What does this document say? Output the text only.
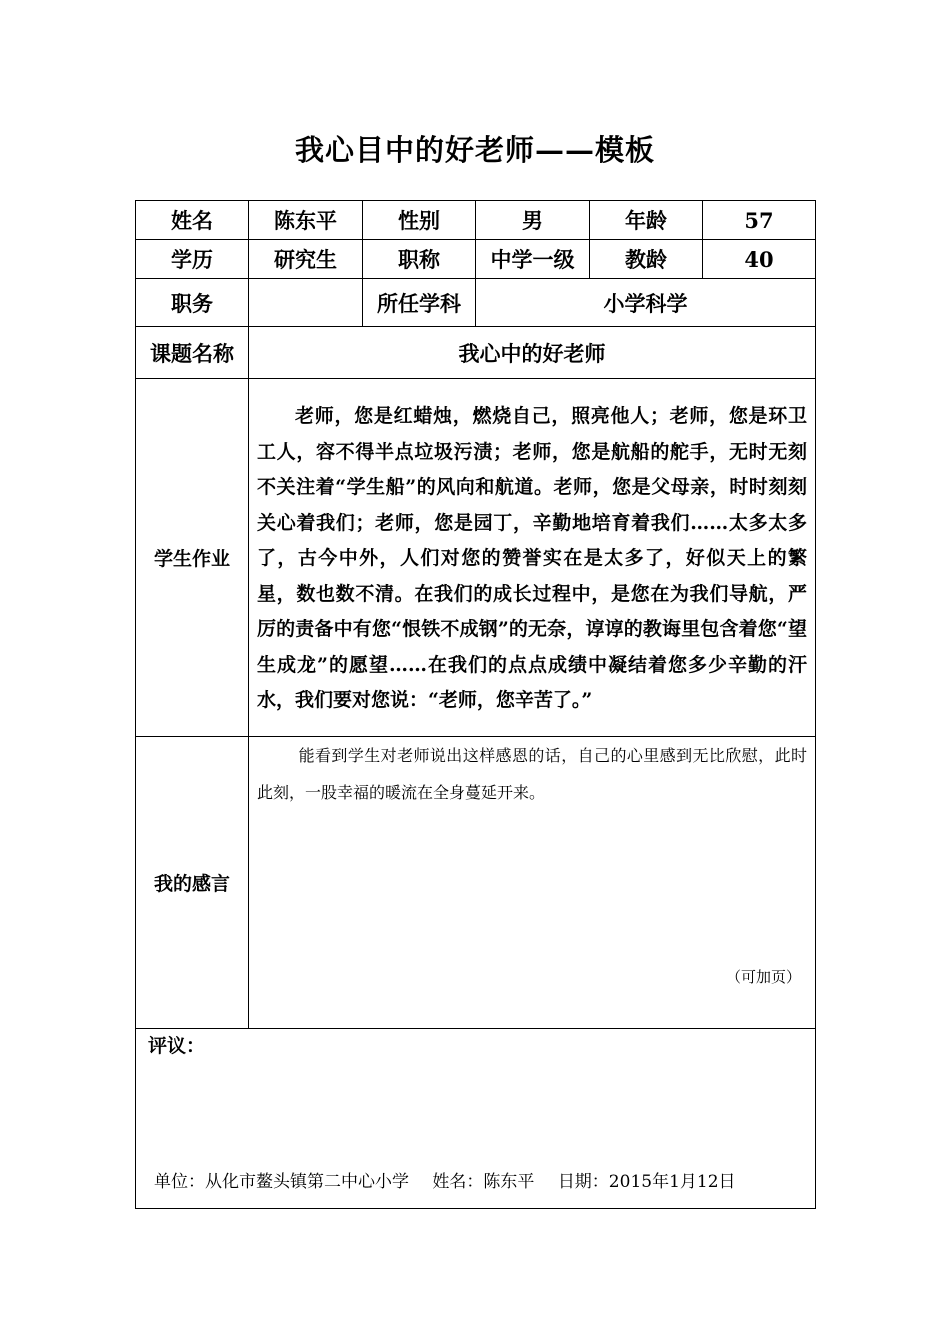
我心目中的好老师——模板
姓名	陈东平	性别	男	年龄	57
学历	研究生	职称	中学一级	教龄	40
职务		所任学科	小学科学		
课题名称	我心中的好老师				
学生作业	老师，您是红蜡烛，燃烧自己，照亮他人；老师，您是环卫工人，容不得半点垃圾污渍；老师，您是航船的舵手，无时无刻不关注着“学生船”的风向和航道。老师，您是父母亲，时时刻刻关心着我们；老师，您是园丁，辛勤地培育着我们……太多太多了，古今中外，人们对您的赞誉实在是太多了，好似天上的繁星，数也数不清。在我们的成长过程中，是您在为我们导航，严厉的责备中有您“恨铁不成钢”的无奈，谆谆的教诲里包含着您“望生成龙”的愿望……在我们的点点成绩中凝结着您多少辛勤的汗水，我们要对您说：“老师，您辛苦了。”				

我的感言	能看到学生对老师说出这样感恩的话，自己的心里感到无比欣慰，此时此刻，一股幸福的暖流在全身蔓延开来。

（可加页）				

评议：
单位：从化市鳌头镇第二中心小学 姓名：陈东平 日期：2015年1月12日					
